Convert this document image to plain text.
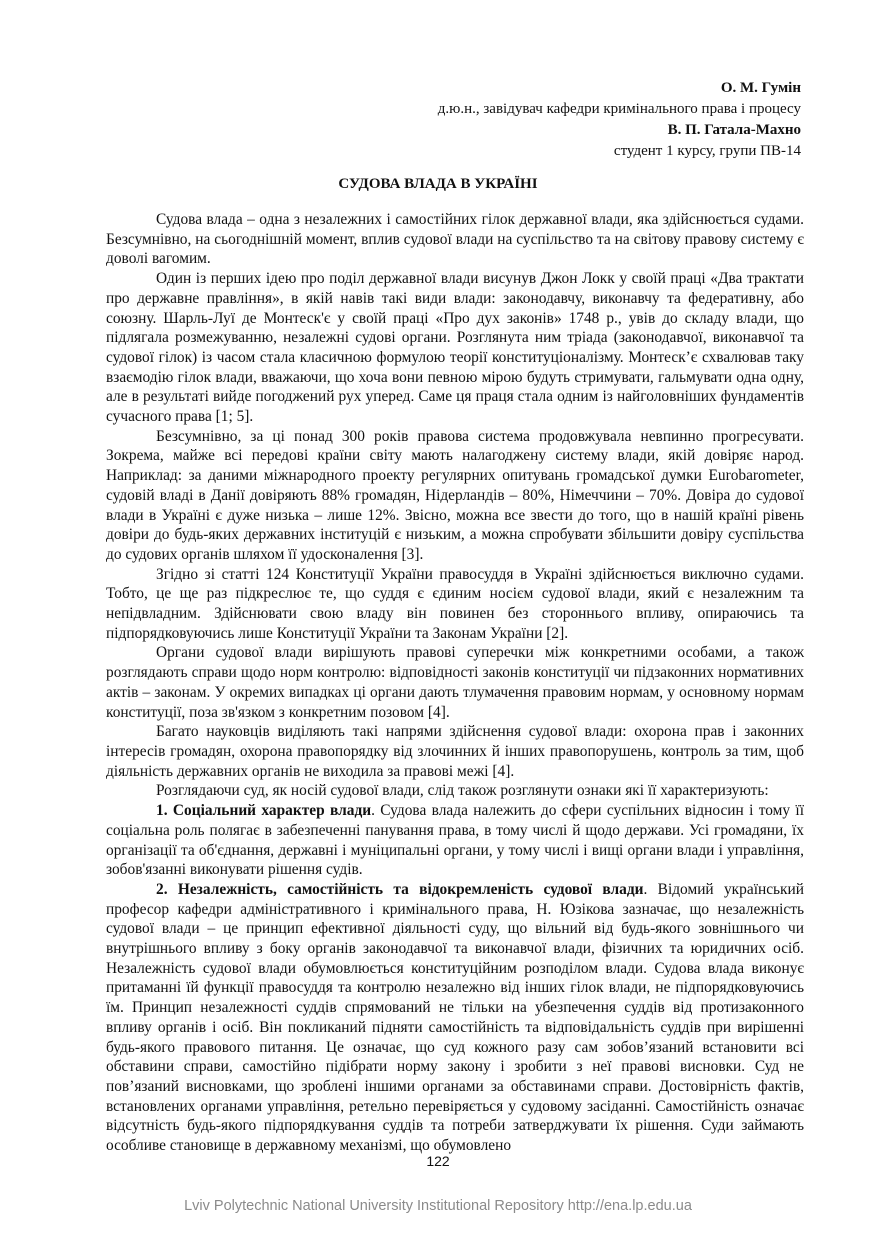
О. М. Гумін
д.ю.н., завідувач кафедри кримінального права і процесу
В. П. Гатала-Махно
студент 1 курсу, групи ПВ-14
СУДОВА ВЛАДА В УКРАЇНІ

Судова влада – одна з незалежних і самостійних гілок державної влади, яка здійснюється судами. Безсумнівно, на сьогоднішній момент, вплив судової влади на суспільство та на світову правову систему є доволі вагомим.

Один із перших ідею про поділ державної влади висунув Джон Локк у своїй праці «Два трактати про державне правління», в якій навів такі види влади: законодавчу, виконавчу та федеративну, або союзну. Шарль-Луї де Монтеск'є у своїй праці «Про дух законів» 1748 р., увів до складу влади, що підлягала розмежуванню, незалежні судові органи. Розглянута ним тріада (законодавчої, виконавчої та судової гілок) із часом стала класичною формулою теорії конституціоналізму. Монтеск’є схвалював таку взаємодію гілок влади, вважаючи, що хоча вони певною мірою будуть стримувати, гальмувати одна одну, але в результаті вийде погоджений рух уперед. Саме ця праця стала одним із найголовніших фундаментів сучасного права [1; 5].

Безсумнівно, за ці понад 300 років правова система продовжувала невпинно прогресувати. Зокрема, майже всі передові країни світу мають налагоджену систему влади, якій довіряє народ. Наприклад: за даними міжнародного проекту регулярних опитувань громадської думки Eurobarometer, судовій владі в Данії довіряють 88% громадян, Нідерландів – 80%, Німеччини – 70%. Довіра до судової влади в Україні є дуже низька – лише 12%. Звісно, можна все звести до того, що в нашій країні рівень довіри до будь-яких державних інституцій є низьким, а можна спробувати збільшити довіру суспільства до судових органів шляхом її удосконалення [3].

Згідно зі статті 124 Конституції України правосуддя в Україні здійснюється виключно судами. Тобто, це ще раз підкреслює те, що суддя є єдиним носієм судової влади, який є незалежним та непідвладним. Здійснювати свою владу він повинен без стороннього впливу, опираючись та підпорядковуючись лише Конституції України та Законам України [2].

Органи судової влади вирішують правові суперечки між конкретними особами, а також розглядають справи щодо норм контролю: відповідності законів конституції чи підзаконних нормативних актів – законам. У окремих випадках ці органи дають тлумачення правовим нормам, у основному нормам конституції, поза зв'язком з конкретним позовом [4].

Багато науковців виділяють такі напрями здійснення судової влади: охорона прав і законних інтересів громадян, охорона правопорядку від злочинних й інших правопорушень, контроль за тим, щоб діяльність державних органів не виходила за правові межі [4].

Розглядаючи суд, як носій судової влади, слід також розглянути ознаки які її характеризують:

1. Соціальний характер влади. Судова влада належить до сфери суспільних відносин і тому її соціальна роль полягає в забезпеченні панування права, в тому числі й щодо держави. Усі громадяни, їх організації та об'єднання, державні і муніципальні органи, у тому числі і вищі органи влади і управління, зобов'язанні виконувати рішення судів.

2. Незалежність, самостійність та відокремленість судової влади. Відомий український професор кафедри адміністративного і кримінального права, Н. Юзікова зазначає, що незалежність судової влади – це принцип ефективної діяльності суду, що вільний від будь-якого зовнішнього чи внутрішнього впливу з боку органів законодавчої та виконавчої влади, фізичних та юридичних осіб. Незалежність судової влади обумовлюється конституційним розподілом влади. Судова влада виконує притаманні їй функції правосуддя та контролю незалежно від інших гілок влади, не підпорядковуючись їм. Принцип незалежності суддів спрямований не тільки на убезпечення суддів від протизаконного впливу органів і осіб. Він покликаний підняти самостійність та відповідальність суддів при вирішенні будь-якого правового питання. Це означає, що суд кожного разу сам зобов’язаний встановити всі обставини справи, самостійно підібрати норму закону і зробити з неї правові висновки. Суд не пов’язаний висновками, що зроблені іншими органами за обставинами справи. Достовірність фактів, встановлених органами управління, ретельно перевіряється у судовому засіданні. Самостійність означає відсутність будь-якого підпорядкування суддів та потреби затверджувати їх рішення. Суди займають особливе становище в державному механізмі, що обумовлено

122
Lviv Polytechnic National University Institutional Repository http://ena.lp.edu.ua
